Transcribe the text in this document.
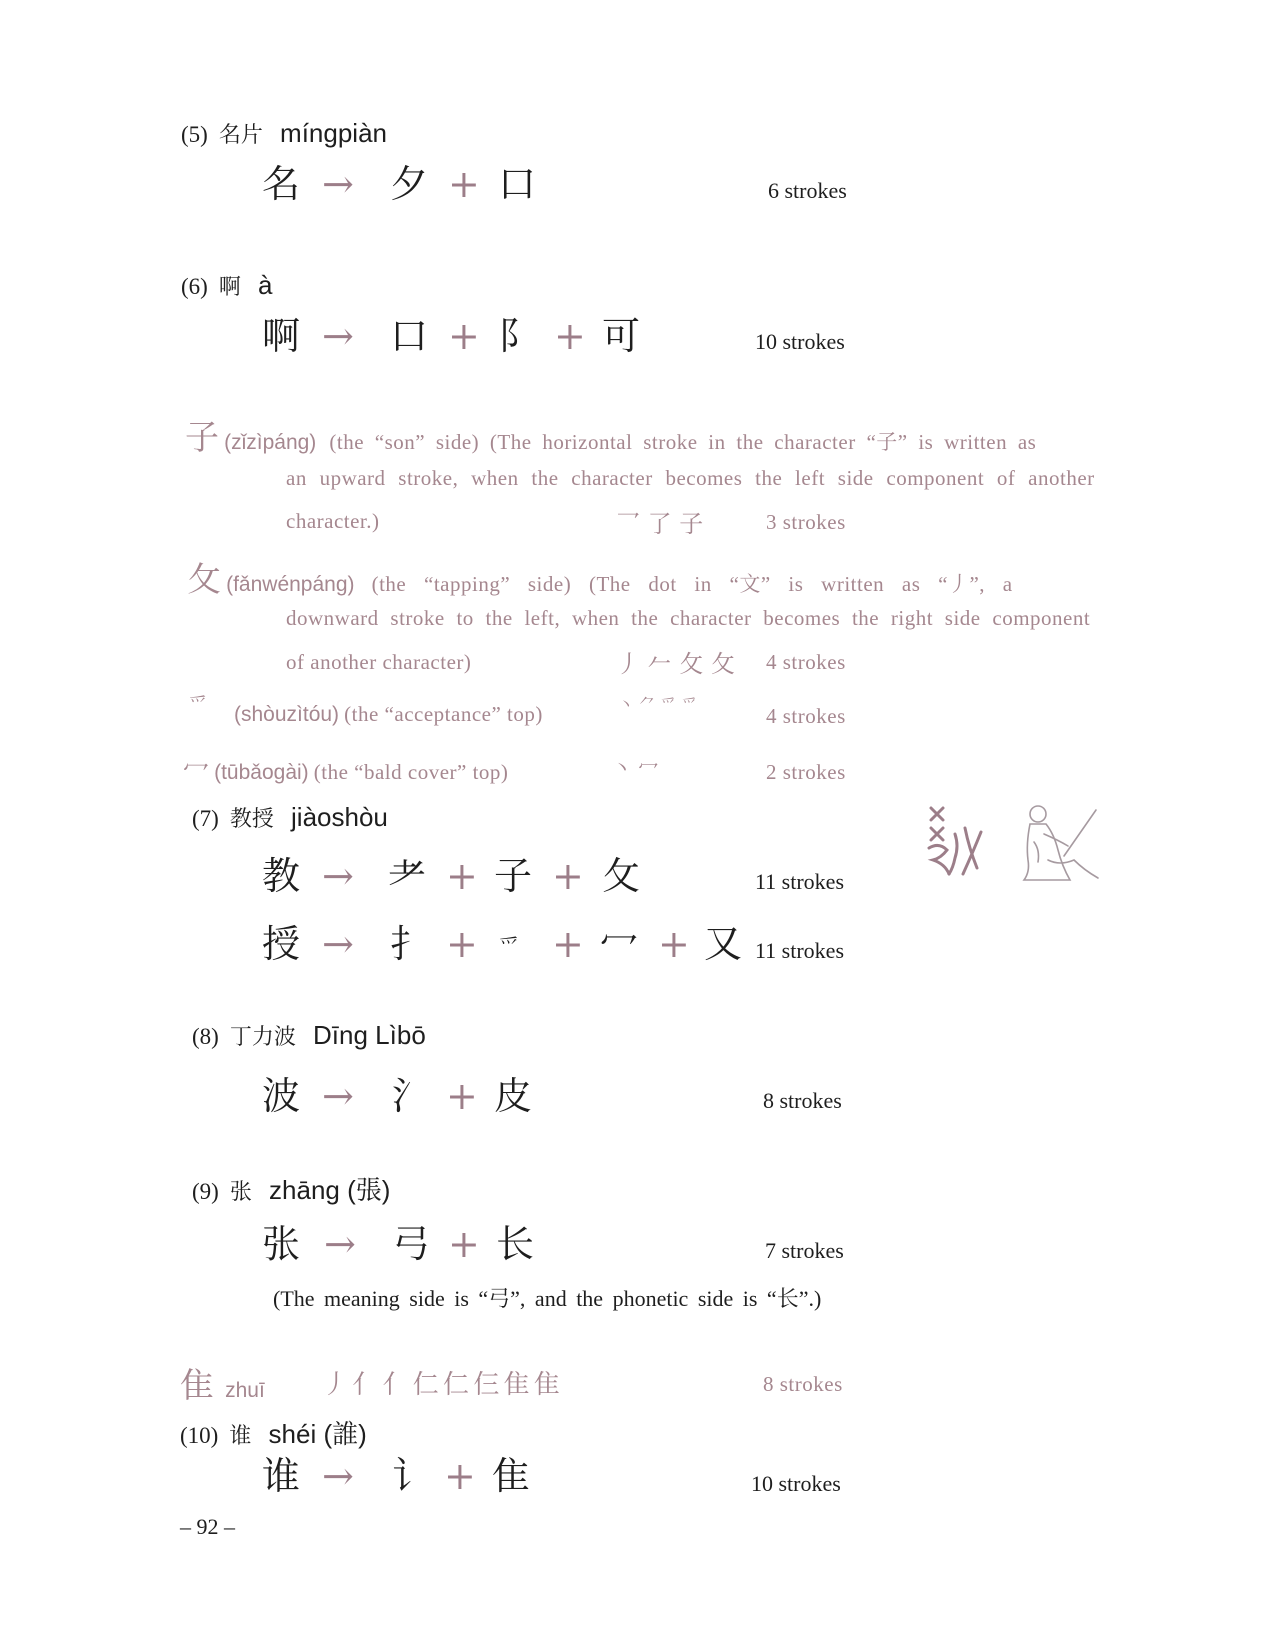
(5) 名片 míngpiàn
名 → 夕 + 口	6 strokes
(6) 啊 à
啊 → 口 + 阝 + 可	10 strokes
子 (zǐzìpáng) (the “son” side) (The horizontal stroke in the character “子” is written as
an upward stroke, when the character becomes the left side component of another
character.)	乛 了 子	3 strokes
攵 (fǎnwénpáng) (the “tapping” side) (The dot in “文” is written as “丿”, a
downward stroke to the left, when the character becomes the right side component
of another character)	丿 𠂉 ⺙ 攵 4 strokes
爫 (shòuzìtóu) (the “acceptance” top)	丶 ⺈ 爫 爫	4 strokes
冖 (tūbǎogài) (the “bald cover” top)	丶 冖	2 strokes
(7) 教授 jiàoshòu
教 → 耂 + 子 + 攵	11 strokes
授 → 扌 + 爫 + 冖 + 又 11 strokes
(8) 丁力波 Dīng Lìbō
波 → 氵 + 皮	8 strokes
(9) 张 zhāng (張)
张 → 弓 + 长	7 strokes
(The meaning side is “弓”, and the phonetic side is “长”.)
隹 zhuī 丿 亻 亻 仁 仁 仨 隹 隹	8 strokes
(10) 谁 shéi (誰)
谁 → 讠 + 隹	10 strokes
– 92 –
